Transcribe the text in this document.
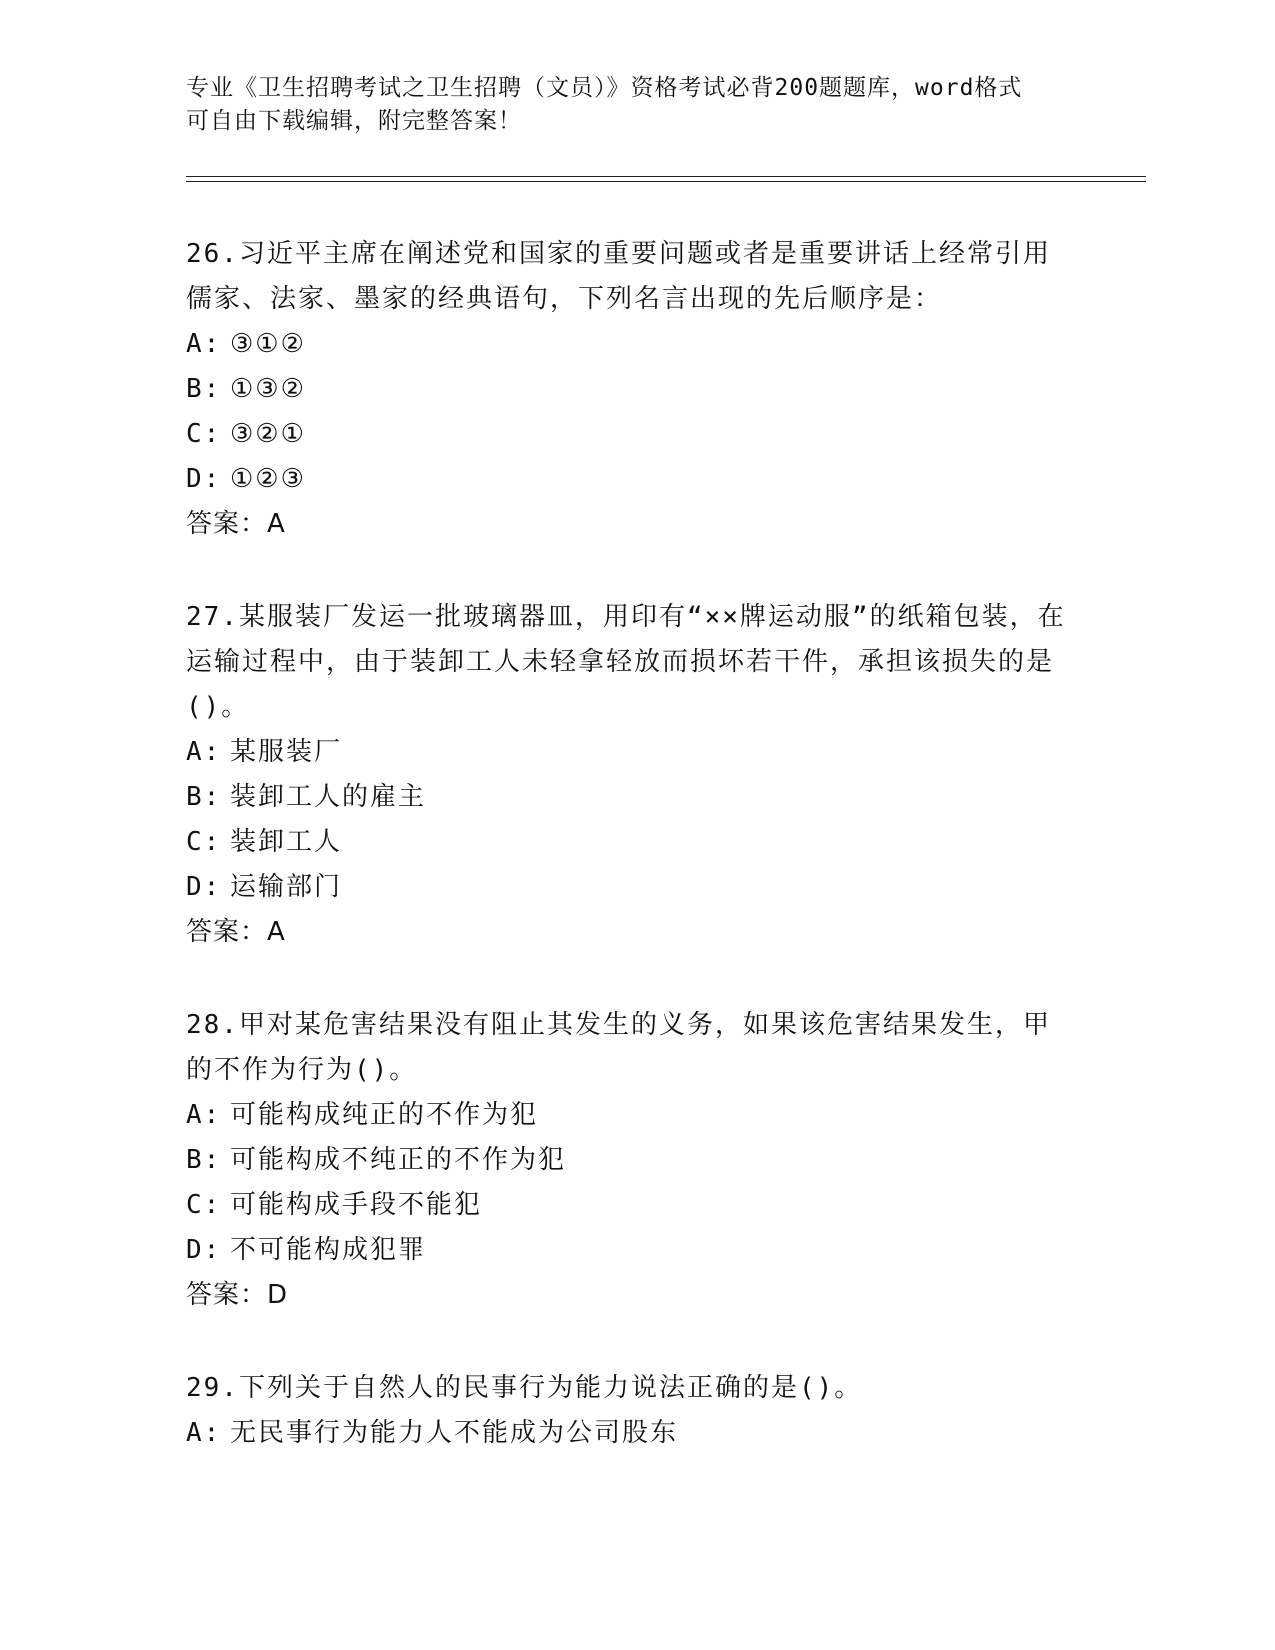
专业《卫生招聘考试之卫生招聘（文员）》资格考试必背200题题库，word格式
可自由下载编辑，附完整答案！

26.习近平主席在阐述党和国家的重要问题或者是重要讲话上经常引用儒家、法家、墨家的经典语句，下列名言出现的先后顺序是：

A: ③①②

B: ①③②

C: ③②①

D: ①②③

答案：A

27.某服装厂发运一批玻璃器皿，用印有“××牌运动服”的纸箱包装，在运输过程中，由于装卸工人未轻拿轻放而损坏若干件，承担该损失的是()。

A: 某服装厂

B: 装卸工人的雇主

C: 装卸工人

D: 运输部门

答案：A

28.甲对某危害结果没有阻止其发生的义务，如果该危害结果发生，甲的不作为行为()。

A: 可能构成纯正的不作为犯

B: 可能构成不纯正的不作为犯

C: 可能构成手段不能犯

D: 不可能构成犯罪

答案：D

29.下列关于自然人的民事行为能力说法正确的是()。

A: 无民事行为能力人不能成为公司股东
